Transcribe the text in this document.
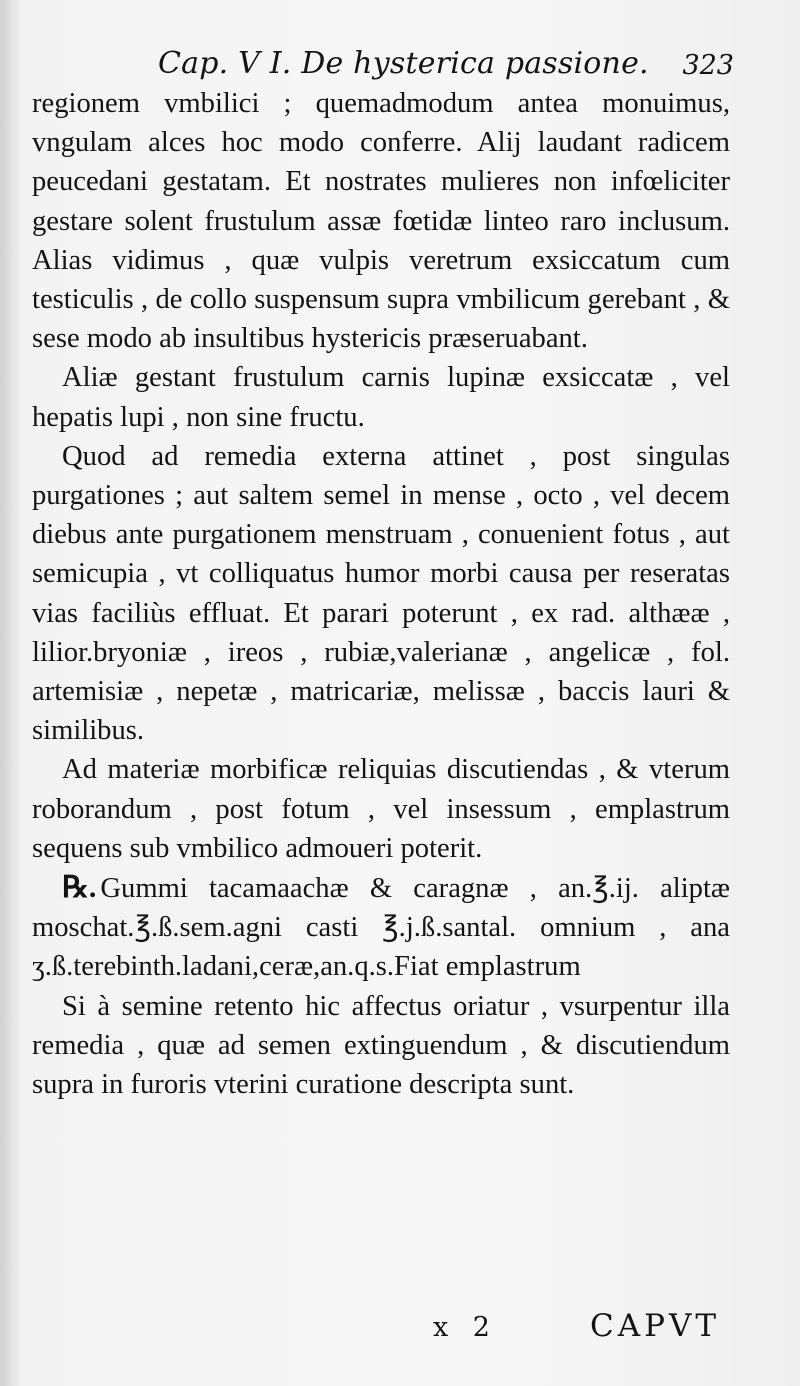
Cap. V I. De hysterica passione. 323

regionem vmbilici ; quemadmodum antea monuimus, vngulam alces hoc modo conferre. Alij laudant radicem peucedani gestatam. Et nostrates mulieres non infœliciter gestare solent frustulum assæ fœtidæ linteo raro inclusum. Alias vidimus , quæ vulpis veretrum exsiccatum cum testiculis , de collo suspensum supra vmbilicum gerebant , & sese modo ab insultibus hystericis præseruabant.

Aliæ gestant frustulum carnis lupinæ exsiccatæ , vel hepatis lupi , non sine fructu.

Quod ad remedia externa attinet , post singulas purgationes ; aut saltem semel in mense , octo , vel decem diebus ante purgationem menstruam , conuenient fotus , aut semicupia , vt colliquatus humor morbi causa per reseratas vias faciliùs effluat. Et parari poterunt , ex rad. althææ , lilior.bryoniæ , ireos , rubiæ,valerianæ , angelicæ , fol. artemisiæ , nepetæ , matricariæ, melissæ , baccis lauri & similibus.

Ad materiæ morbificæ reliquias discutiendas , & vterum roborandum , post fotum , vel insessum , emplastrum sequens sub vmbilico admoueri poterit.

℞. Gummi tacamaachæ & caragnæ , an.℥.ij. aliptæ moschat.℥.ß.sem.agni casti ℥.j.ß.santal. omnium , ana ʒ.ß.terebinth.ladani,ceræ,an.q.s.Fiat emplastrum

Si à semine retento hic affectus oriatur , vsurpentur illa remedia , quæ ad semen extinguendum , & discutiendum supra in furoris vterini curatione descripta sunt.

x 2	CAPVT
